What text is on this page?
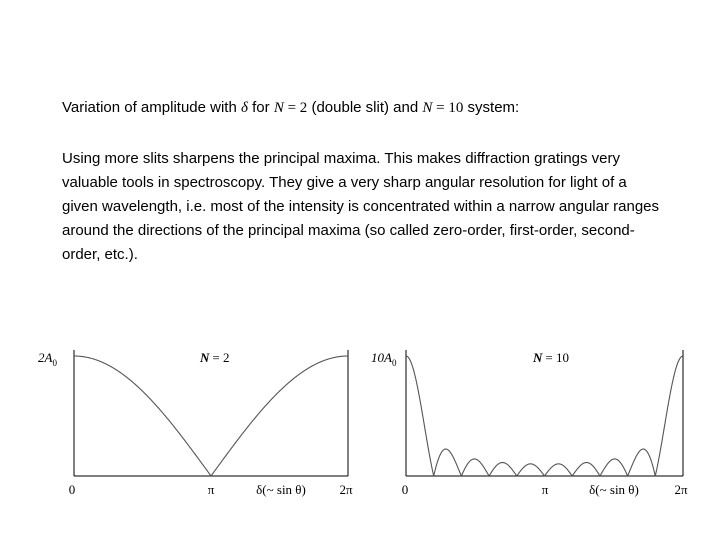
Variation of amplitude with δ for N = 2 (double slit) and N = 10 system:

Using more slits sharpens the principal maxima. This makes diffraction gratings very valuable tools in spectroscopy. They give a very sharp angular resolution for light of a given wavelength, i.e. most of the intensity is concentrated within a narrow angular ranges around the directions of the principal maxima (so called zero-order, first-order, second-order, etc.).

$2A_0$	N = 2
0	π	2π
δ(~ sin θ)
$10A_0$	N = 10
0	π	2π
δ(~ sin θ)
